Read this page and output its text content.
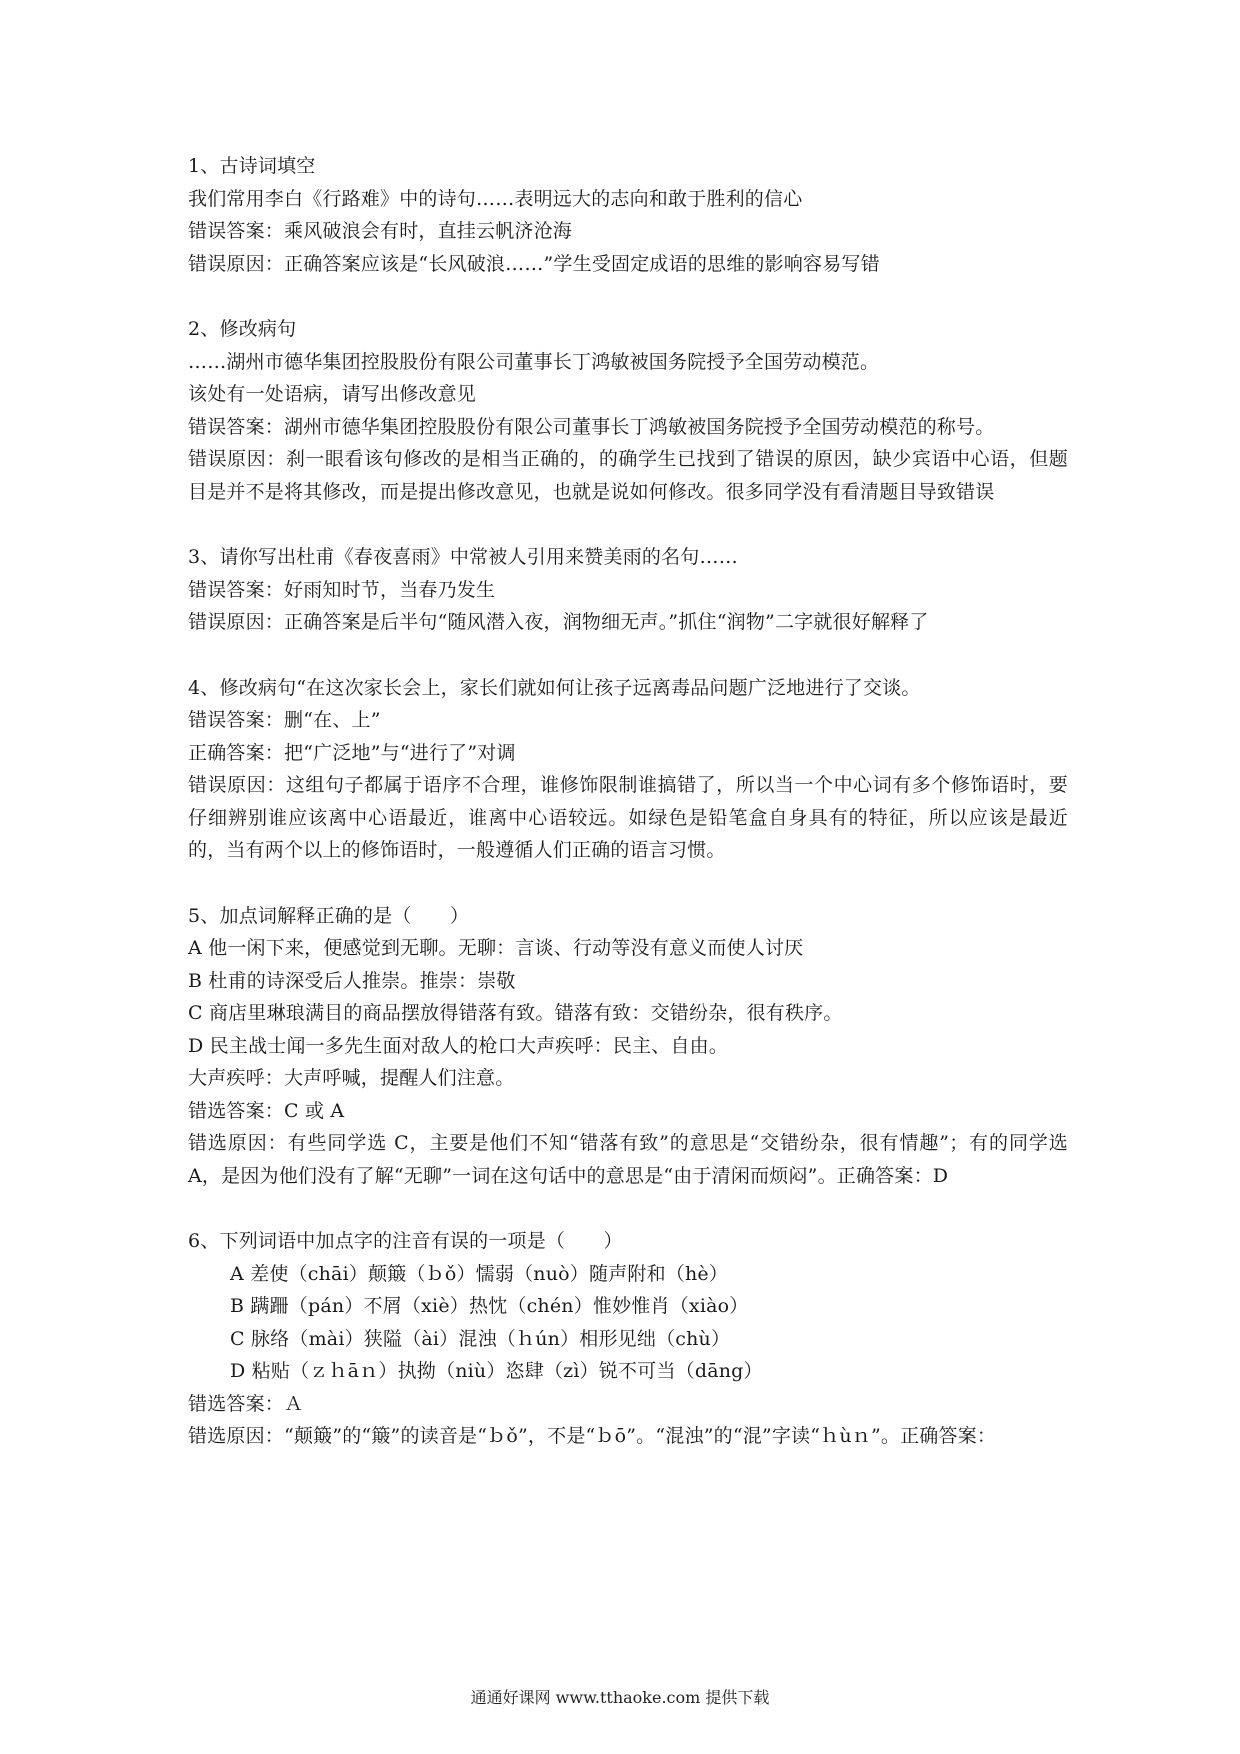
1、古诗词填空
我们常用李白《行路难》中的诗句……表明远大的志向和敢于胜利的信心
错误答案：乘风破浪会有时，直挂云帆济沧海
错误原因：正确答案应该是“长风破浪……”学生受固定成语的思维的影响容易写错
2、修改病句
……湖州市德华集团控股股份有限公司董事长丁鸿敏被国务院授予全国劳动模范。
该处有一处语病，请写出修改意见
错误答案：湖州市德华集团控股股份有限公司董事长丁鸿敏被国务院授予全国劳动模范的称号。
错误原因：刹一眼看该句修改的是相当正确的，的确学生已找到了错误的原因，缺少宾语中心语，但题目是并不是将其修改，而是提出修改意见，也就是说如何修改。很多同学没有看清题目导致错误
3、请你写出杜甫《春夜喜雨》中常被人引用来赞美雨的名句……
错误答案：好雨知时节，当春乃发生
错误原因：正确答案是后半句“随风潜入夜，润物细无声。”抓住“润物”二字就很好解释了
4、修改病句“在这次家长会上，家长们就如何让孩子远离毒品问题广泛地进行了交谈。
错误答案：删“在、上”
正确答案：把“广泛地”与“进行了”对调
错误原因：这组句子都属于语序不合理，谁修饰限制谁搞错了，所以当一个中心词有多个修饰语时，要仔细辨别谁应该离中心语最近，谁离中心语较远。如绿色是铅笔盒自身具有的特征，所以应该是最近的，当有两个以上的修饰语时，一般遵循人们正确的语言习惯。
5、加点词解释正确的是（　　）
A 他一闲下来，便感觉到无聊。无聊：言谈、行动等没有意义而使人讨厌
B 杜甫的诗深受后人推崇。推崇：崇敬
C 商店里琳琅满目的商品摆放得错落有致。错落有致：交错纷杂，很有秩序。
D 民主战士闻一多先生面对敌人的枪口大声疾呼：民主、自由。
大声疾呼：大声呼喊，提醒人们注意。
错选答案：C 或 A
错选原因：有些同学选 C，主要是他们不知“错落有致”的意思是“交错纷杂，很有情趣”；有的同学选 A，是因为他们没有了解“无聊”一词在这句话中的意思是“由于清闲而烦闷”。正确答案：D
6、下列词语中加点字的注音有误的一项是（　　）
A 差使（chāi）颠簸（ｂǒ）懦弱（nuò）随声附和（hè）
B 蹒跚（pán）不屑（xiè）热忱（chén）惟妙惟肖（xiào）
C 脉络（mài）狭隘（ài）混浊（ｈún）相形见绌（chù）
D 粘贴（ｚｈāｎ）执拗（niù）恣肆（zì）锐不可当（dāng）
错选答案：Ａ
错选原因：“颠簸”的“簸”的读音是“ｂǒ”，不是“ｂō”。“混浊”的“混”字读“ｈùｎ”。正确答案：
通通好课网 www.tthaoke.com 提供下载
